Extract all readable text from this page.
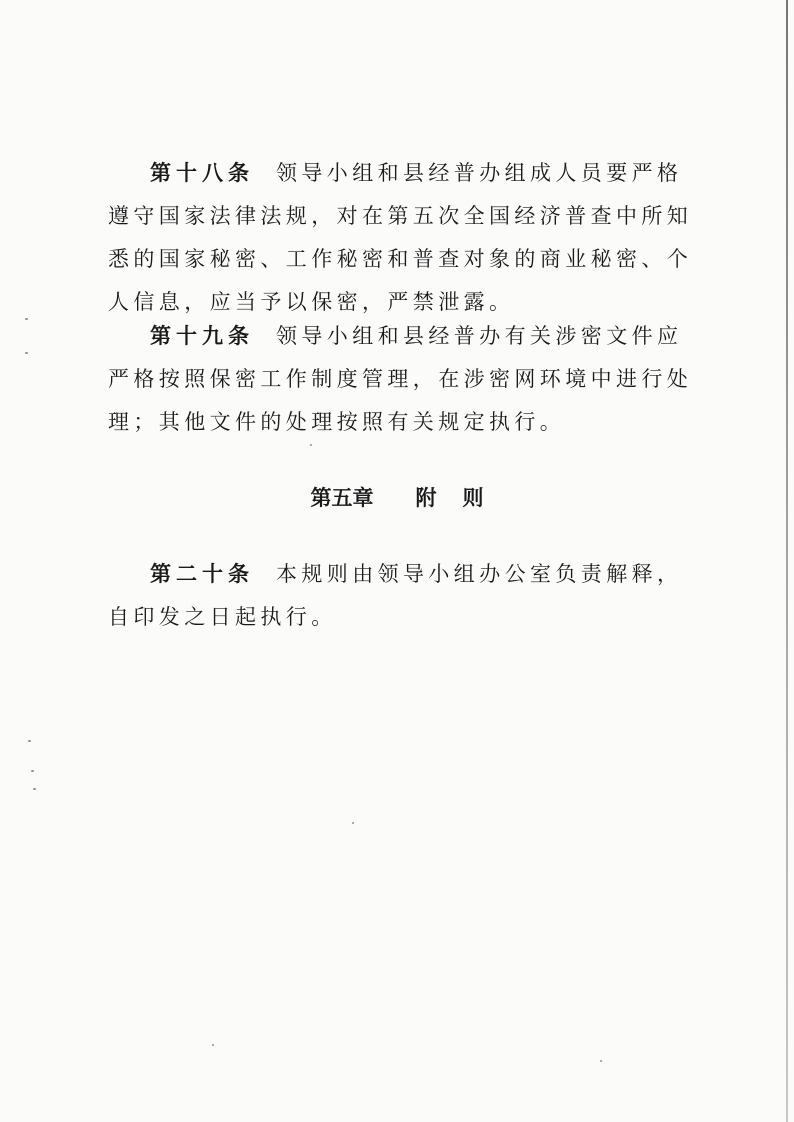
第十八条 领导小组和县经普办组成人员要严格遵守国家法律法规，对在第五次全国经济普查中所知悉的国家秘密、工作秘密和普查对象的商业秘密、个人信息，应当予以保密，严禁泄露。

第十九条 领导小组和县经普办有关涉密文件应严格按照保密工作制度管理，在涉密网环境中进行处理；其他文件的处理按照有关规定执行。

第五章 附 则

第二十条 本规则由领导小组办公室负责解释，自印发之日起执行。
